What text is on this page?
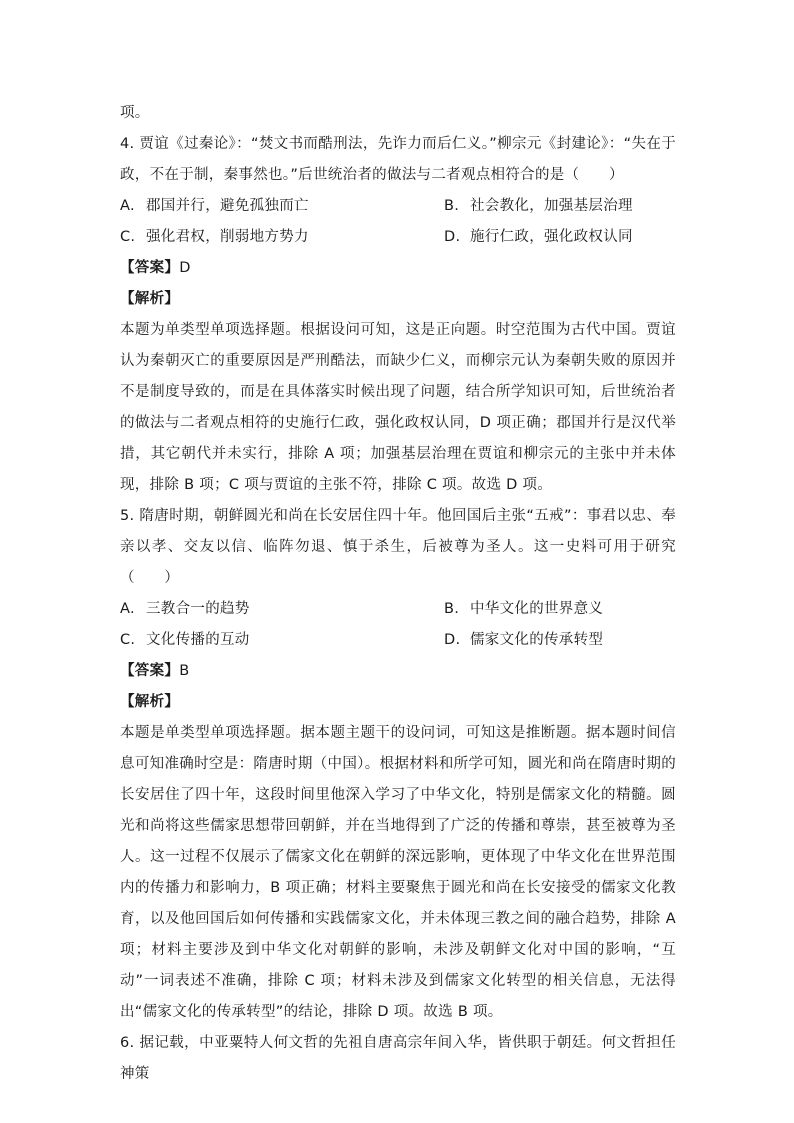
项。

4. 贾谊《过秦论》：“焚文书而酷刑法，先诈力而后仁义。”柳宗元《封建论》：“失在于政，不在于制，秦事然也。”后世统治者的做法与二者观点相符合的是（　　）

A. 郡国并行，避免孤独而亡	B. 社会教化，加强基层治理
C. 强化君权，削弱地方势力	D. 施行仁政，强化政权认同

【答案】D

【解析】

本题为单类型单项选择题。根据设问可知，这是正向题。时空范围为古代中国。贾谊认为秦朝灭亡的重要原因是严刑酷法，而缺少仁义，而柳宗元认为秦朝失败的原因并不是制度导致的，而是在具体落实时候出现了问题，结合所学知识可知，后世统治者的做法与二者观点相符的史施行仁政，强化政权认同，D 项正确；郡国并行是汉代举措，其它朝代并未实行，排除 A 项；加强基层治理在贾谊和柳宗元的主张中并未体现，排除 B 项；C 项与贾谊的主张不符，排除 C 项。故选 D 项。

5. 隋唐时期，朝鲜圆光和尚在长安居住四十年。他回国后主张“五戒”：事君以忠、奉亲以孝、交友以信、临阵勿退、慎于杀生，后被尊为圣人。这一史料可用于研究（　　）

A. 三教合一的趋势	B. 中华文化的世界意义
C. 文化传播的互动	D. 儒家文化的传承转型

【答案】B

【解析】

本题是单类型单项选择题。据本题主题干的设问词，可知这是推断题。据本题时间信息可知准确时空是：隋唐时期（中国）。根据材料和所学可知，圆光和尚在隋唐时期的长安居住了四十年，这段时间里他深入学习了中华文化，特别是儒家文化的精髓。圆光和尚将这些儒家思想带回朝鲜，并在当地得到了广泛的传播和尊崇，甚至被尊为圣人。这一过程不仅展示了儒家文化在朝鲜的深远影响，更体现了中华文化在世界范围内的传播力和影响力，B 项正确；材料主要聚焦于圆光和尚在长安接受的儒家文化教育，以及他回国后如何传播和实践儒家文化，并未体现三教之间的融合趋势，排除 A 项；材料主要涉及到中华文化对朝鲜的影响，未涉及朝鲜文化对中国的影响，“互动”一词表述不准确，排除 C 项；材料未涉及到儒家文化转型的相关信息，无法得出“儒家文化的传承转型”的结论，排除 D 项。故选 B 项。

6. 据记载，中亚粟特人何文哲的先祖自唐高宗年间入华，皆供职于朝廷。何文哲担任神策
